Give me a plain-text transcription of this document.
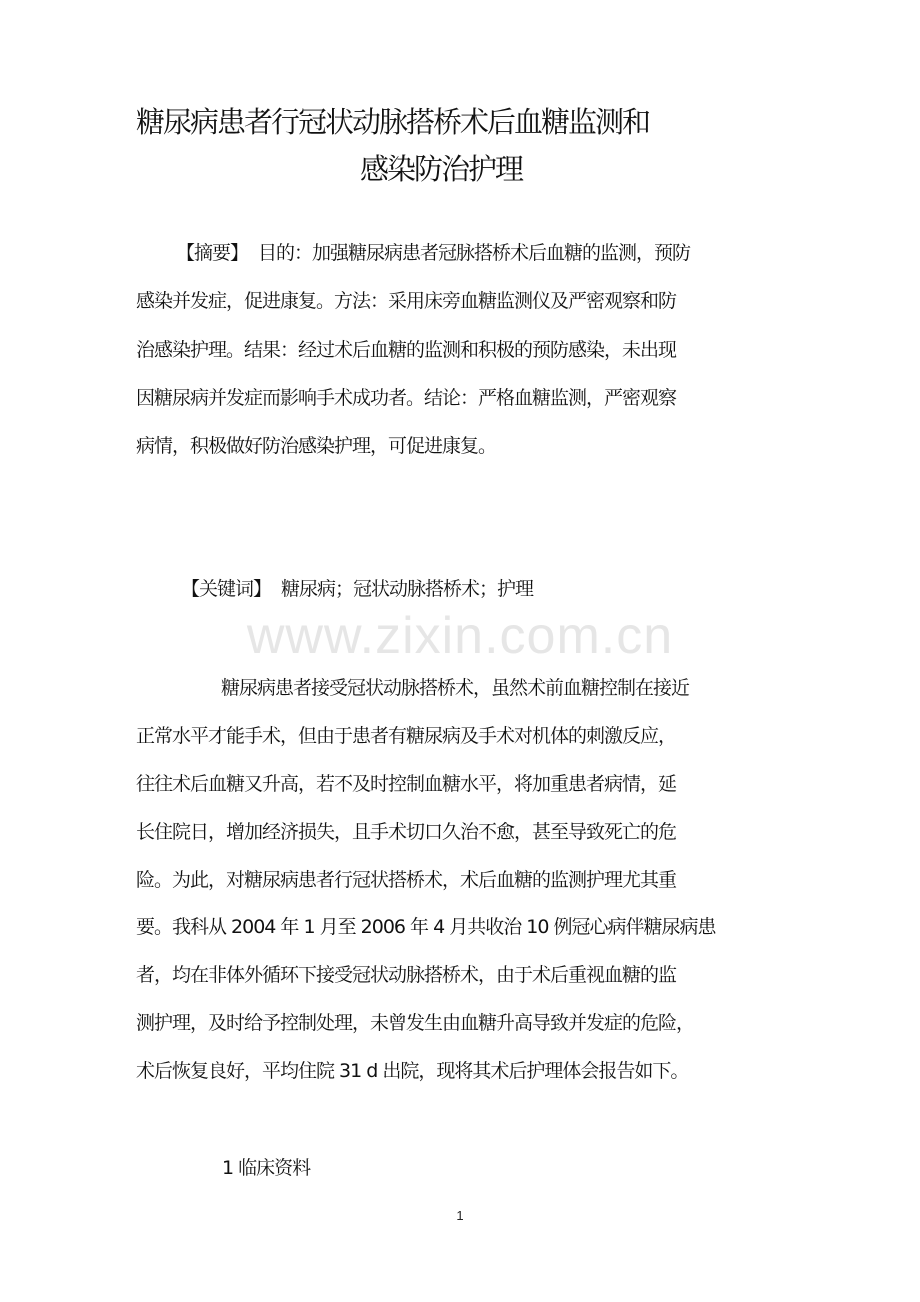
糖尿病患者行冠状动脉搭桥术后血糖监测和
感染防治护理
【摘要】 目的：加强糖尿病患者冠脉搭桥术后血糖的监测，预防
感染并发症，促进康复。方法：采用床旁血糖监测仪及严密观察和防
治感染护理。结果：经过术后血糖的监测和积极的预防感染，未出现
因糖尿病并发症而影响手术成功者。结论：严格血糖监测，严密观察
病情，积极做好防治感染护理，可促进康复。
【关键词】 糖尿病；冠状动脉搭桥术；护理
www.zixin.com.cn
糖尿病患者接受冠状动脉搭桥术，虽然术前血糖控制在接近
正常水平才能手术，但由于患者有糖尿病及手术对机体的刺激反应，
往往术后血糖又升高，若不及时控制血糖水平，将加重患者病情，延
长住院日，增加经济损失，且手术切口久治不愈，甚至导致死亡的危
险。为此，对糖尿病患者行冠状搭桥术，术后血糖的监测护理尤其重
要。我科从 2004 年 1 月至 2006 年 4 月共收治 10 例冠心病伴糖尿病患
者，均在非体外循环下接受冠状动脉搭桥术，由于术后重视血糖的监
测护理，及时给予控制处理，未曾发生由血糖升高导致并发症的危险，
术后恢复良好，平均住院 31 d 出院，现将其术后护理体会报告如下。
1 临床资料
1
